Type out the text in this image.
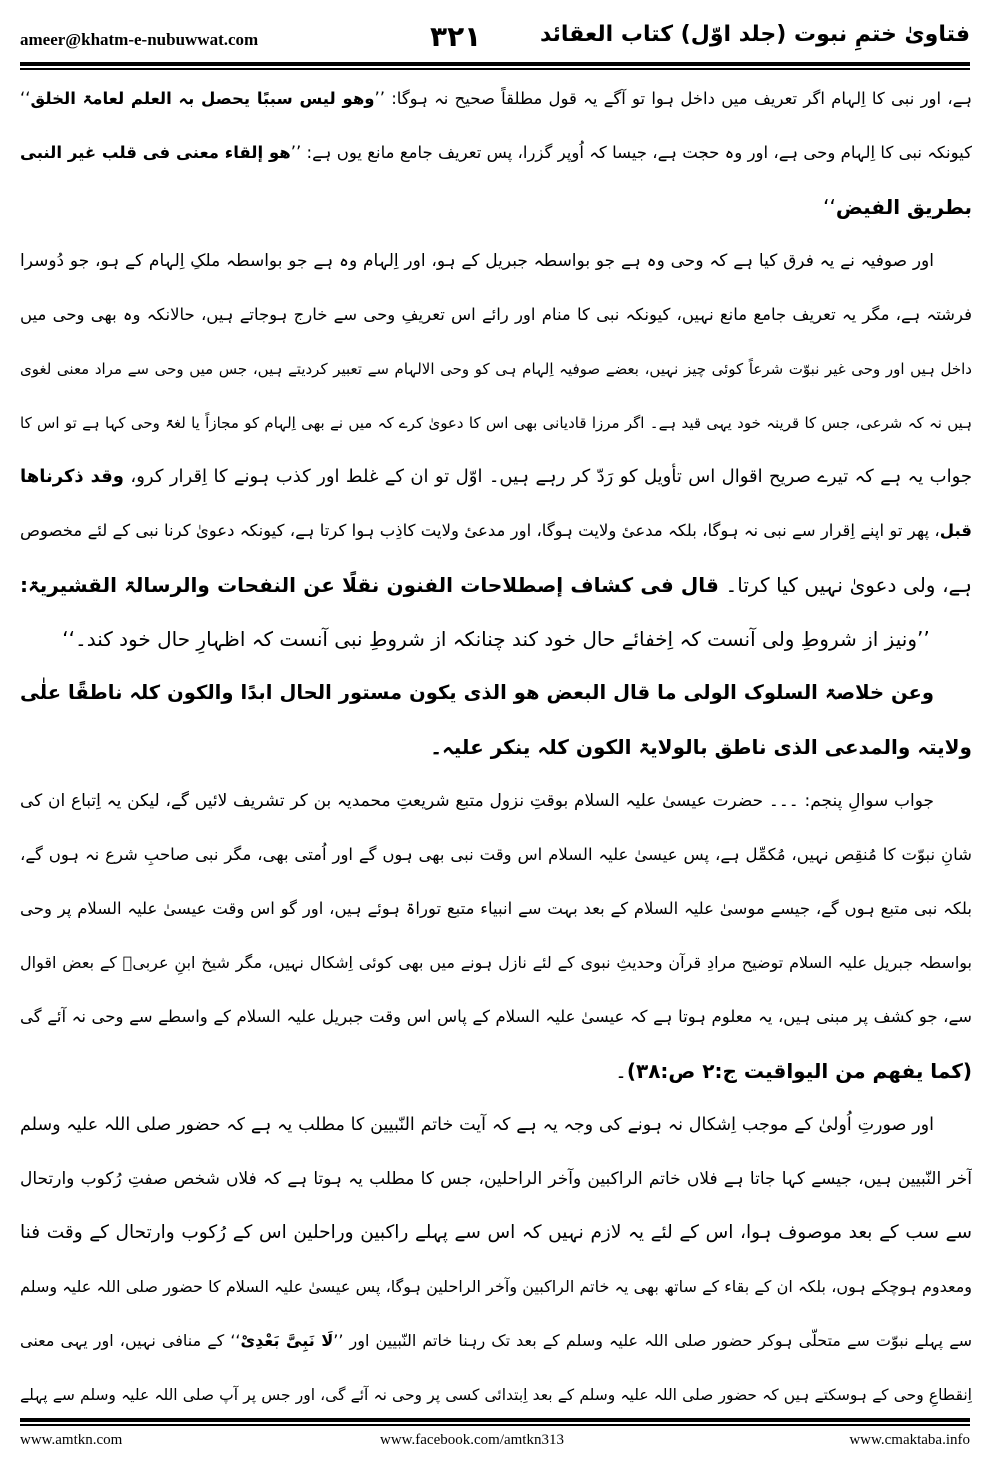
ameer@khatm-e-nubuwwat.com	۳۲۱	فتاویٰ ختمِ نبوت (جلد اوّل) کتاب العقائد
ہے، اور نبی کا اِلہام اگر تعریف میں داخل ہوا تو آگے یہ قول مطلقاً صحیح نہ ہوگا: ’’وھو لیس سببًا یحصل بہ العلم لعامۃ الخلق‘‘
کیونکہ نبی کا اِلہام وحی ہے، اور وہ حجت ہے، جیسا کہ اُوپر گزرا، پس تعریف جامع مانع یوں ہے: ’’ھو إلقاء معنی فی قلب غیر النبی
بطریق الفیض‘‘
اور صوفیہ نے یہ فرق کیا ہے کہ وحی وہ ہے جو بواسطہ جبریل کے ہو، اور اِلہام وہ ہے جو بواسطہ ملکِ اِلہام کے ہو، جو دُوسرا
فرشتہ ہے، مگر یہ تعریف جامع مانع نہیں، کیونکہ نبی کا منام اور رائے اس تعریفِ وحی سے خارج ہوجاتے ہیں، حالانکہ وہ بھی وحی میں
داخل ہیں اور وحی غیر نبوّت شرعاً کوئی چیز نہیں، بعضے صوفیہ اِلہام ہی کو وحی الالہام سے تعبیر کردیتے ہیں، جس میں وحی سے مراد معنی لغوی
ہیں نہ کہ شرعی، جس کا قرینہ خود یہی قید ہے۔ اگر مرزا قادیانی بھی اس کا دعویٰ کرے کہ میں نے بھی اِلہام کو مجازاً یا لغۃً وحی کہا ہے تو اس کا
جواب یہ ہے کہ تیرے صریح اقوال اس تأویل کو رَدّ کر رہے ہیں۔ اوّل تو ان کے غلط اور کذب ہونے کا اِقرار کرو، وقد ذکرناھا
قبل، پھر تو اپنے اِقرار سے نبی نہ ہوگا، بلکہ مدعیٔ ولایت ہوگا، اور مدعیٔ ولایت کاذِب ہوا کرتا ہے، کیونکہ دعویٰ کرنا نبی کے لئے مخصوص
ہے، ولی دعویٰ نہیں کیا کرتا۔ قال فی کشاف إصطلاحات الفنون نقلًا عن النفحات والرسالۃ القشیریۃ:
’’ونیز از شروطِ ولی آنست کہ اِخفائے حال خود کند چنانکہ از شروطِ نبی آنست کہ اظہارِ حال خود کند۔‘‘
وعن خلاصۃ السلوک الولی ما قال البعض ھو الذی یکون مستور الحال ابدًا والکون کلہ ناطقًا علٰی
ولایتہ والمدعی الذی ناطق بالولایۃ الکون کلہ ینکر علیہ۔
جواب سوالِ پنجم: ۔۔۔ حضرت عیسیٰ علیہ السلام بوقتِ نزول متبع شریعتِ محمدیہ بن کر تشریف لائیں گے، لیکن یہ اِتباع ان کی
شانِ نبوّت کا مُنقِص نہیں، مُکمِّل ہے، پس عیسیٰ علیہ السلام اس وقت نبی بھی ہوں گے اور اُمتی بھی، مگر نبی صاحبِ شرع نہ ہوں گے،
بلکہ نبی متبع ہوں گے، جیسے موسیٰ علیہ السلام کے بعد بہت سے انبیاء متبع توراۃ ہوئے ہیں، اور گو اس وقت عیسیٰ علیہ السلام پر وحی
بواسطہ جبریل علیہ السلام توضیح مرادِ قرآن وحدیثِ نبوی کے لئے نازل ہونے میں بھی کوئی اِشکال نہیں، مگر شیخ ابنِ عربیؒ کے بعض اقوال
سے، جو کشف پر مبنی ہیں، یہ معلوم ہوتا ہے کہ عیسیٰ علیہ السلام کے پاس اس وقت جبریل علیہ السلام کے واسطے سے وحی نہ آئے گی
(کما یفھم من الیواقیت ج:۲ ص:۳۸)۔
اور صورتِ اُولیٰ کے موجب اِشکال نہ ہونے کی وجہ یہ ہے کہ آیت خاتم النّبیین کا مطلب یہ ہے کہ حضور صلی اللہ علیہ وسلم
آخر النّبیین ہیں، جیسے کہا جاتا ہے فلاں خاتم الراکبین وآخر الراحلین، جس کا مطلب یہ ہوتا ہے کہ فلاں شخص صفتِ رُکوب وارتحال
سے سب کے بعد موصوف ہوا، اس کے لئے یہ لازم نہیں کہ اس سے پہلے راکبین وراحلین اس کے رُکوب وارتحال کے وقت فنا
ومعدوم ہوچکے ہوں، بلکہ ان کے بقاء کے ساتھ بھی یہ خاتم الراکبین وآخر الراحلین ہوگا، پس عیسیٰ علیہ السلام کا حضور صلی اللہ علیہ وسلم
سے پہلے نبوّت سے متحلّی ہوکر حضور صلی اللہ علیہ وسلم کے بعد تک رہنا خاتم النّبیین اور ’’لَا نَبِیَّ بَعْدِیْ‘‘ کے منافی نہیں، اور یہی معنی
اِنقطاعِ وحی کے ہوسکتے ہیں کہ حضور صلی اللہ علیہ وسلم کے بعد اِبتدائی کسی پر وحی نہ آئے گی، اور جس پر آپ صلی اللہ علیہ وسلم سے پہلے
www.amtkn.com	www.facebook.com/amtkn313	www.cmaktaba.info
